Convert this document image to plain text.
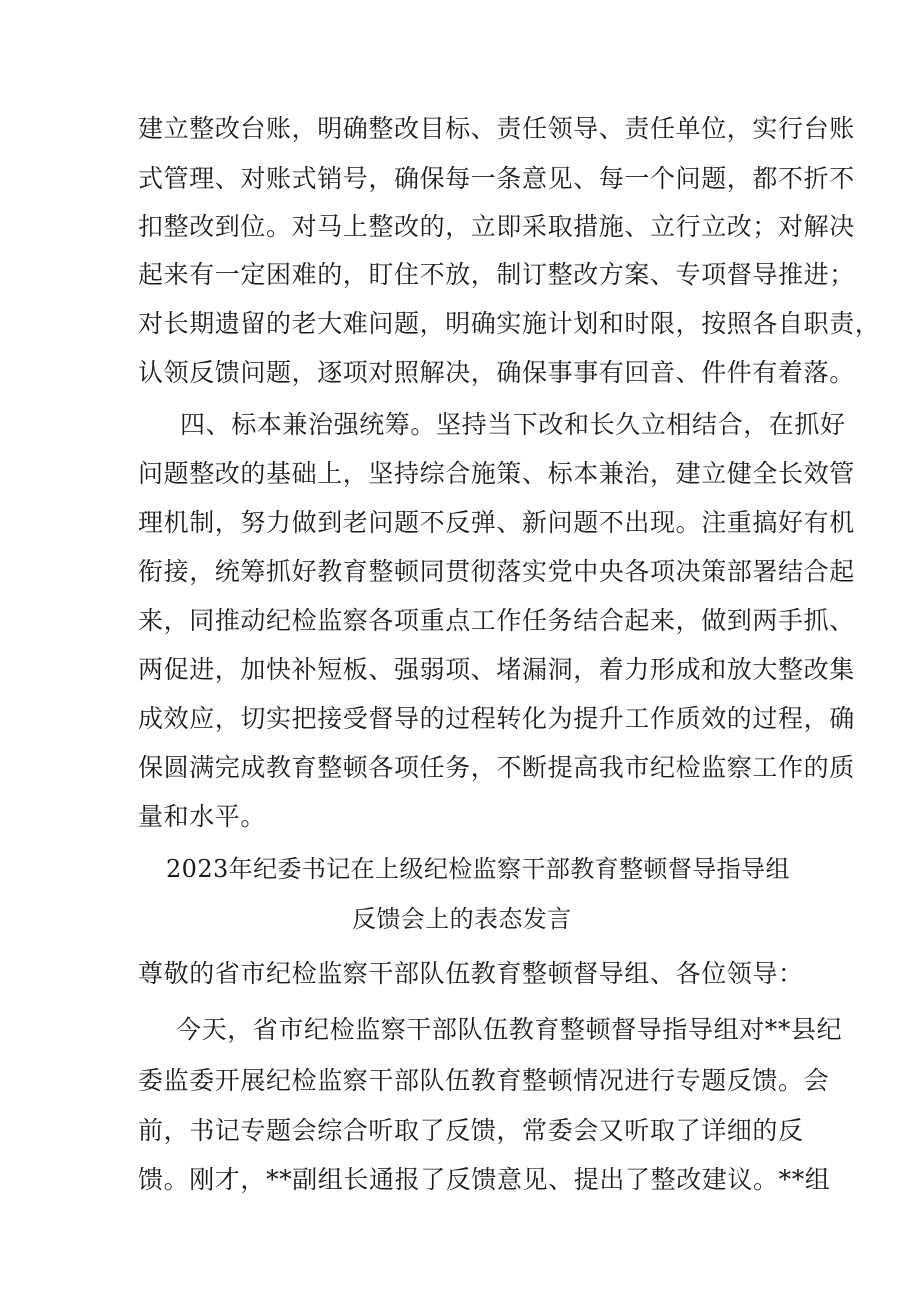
建立整改台账，明确整改目标、责任领导、责任单位，实行台账
式管理、对账式销号，确保每一条意见、每一个问题，都不折不
扣整改到位。对马上整改的，立即采取措施、立行立改；对解决
起来有一定困难的，盯住不放，制订整改方案、专项督导推进；
对长期遗留的老大难问题，明确实施计划和时限，按照各自职责，
认领反馈问题，逐项对照解决，确保事事有回音、件件有着落。
四、标本兼治强统筹。坚持当下改和长久立相结合，在抓好
问题整改的基础上，坚持综合施策、标本兼治，建立健全长效管
理机制，努力做到老问题不反弹、新问题不出现。注重搞好有机
衔接，统筹抓好教育整顿同贯彻落实党中央各项决策部署结合起
来，同推动纪检监察各项重点工作任务结合起来，做到两手抓、
两促进，加快补短板、强弱项、堵漏洞，着力形成和放大整改集
成效应，切实把接受督导的过程转化为提升工作质效的过程，确
保圆满完成教育整顿各项任务，不断提高我市纪检监察工作的质
量和水平。
2023年纪委书记在上级纪检监察干部教育整顿督导指导组
反馈会上的表态发言
尊敬的省市纪检监察干部队伍教育整顿督导组、各位领导：
今天，省市纪检监察干部队伍教育整顿督导指导组对**县纪
委监委开展纪检监察干部队伍教育整顿情况进行专题反馈。会
前，书记专题会综合听取了反馈，常委会又听取了详细的反
馈。刚才，**副组长通报了反馈意见、提出了整改建议。**组
